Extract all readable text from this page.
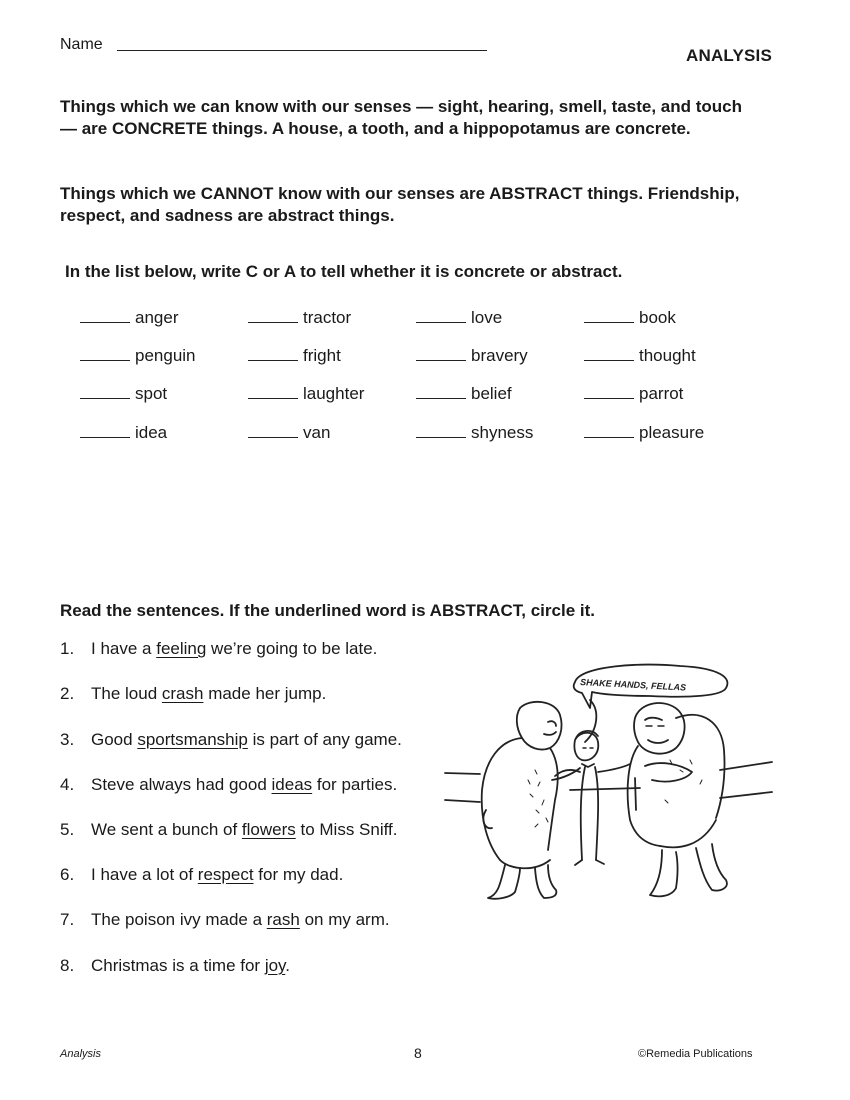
Name
ANALYSIS
Things which we can know with our senses — sight, hearing, smell, taste, and touch — are CONCRETE things. A house, a tooth, and a hippopotamus are concrete.
Things which we CANNOT know with our senses are ABSTRACT things. Friendship, respect, and sadness are abstract things.
In the list below, write C or A to tell whether it is concrete or abstract.
anger	tractor	love	book
penguin	fright	bravery	thought
spot	laughter	belief	parrot
idea	van	shyness	pleasure
Read the sentences. If the underlined word is ABSTRACT, circle it.
1. I have a feeling we’re going to be late.
2. The loud crash made her jump.
3. Good sportsmanship is part of any game.
4. Steve always had good ideas for parties.
5. We sent a bunch of flowers to Miss Sniff.
6. I have a lot of respect for my dad.
7. The poison ivy made a rash on my arm.
8. Christmas is a time for joy.
SHAKE HANDS, FELLAS
Analysis	8	©Remedia Publications
